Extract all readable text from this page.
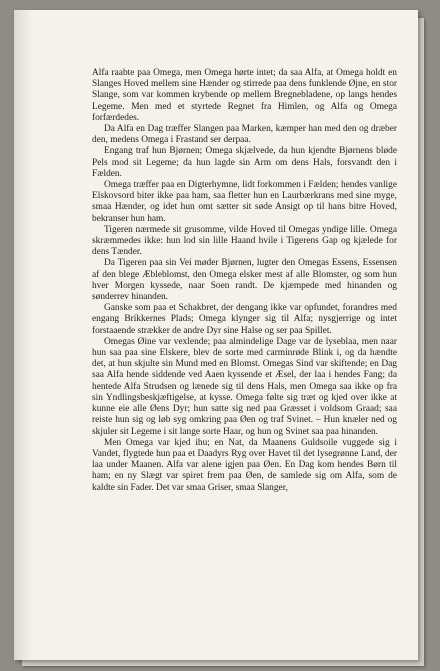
Alfa raabte paa Omega, men Omega hørte intet; da saa Alfa, at Omega holdt en Slanges Hoved mellem sine Hænder og stirrede paa dens funklende Øjne, en stor Slange, som var kommen krybende op mellem Bregnebladene, op langs hendes Legeme. Men med et styrtede Regnet fra Himlen, og Alfa og Omega forfærdedes.

Da Alfa en Dag træffer Slangen paa Marken, kæmper han med den og dræber den, medens Omega i Frastand ser derpaa.

Engang traf hun Bjørnen; Omega skjælvede, da hun kjendte Bjørnens bløde Pels mod sit Legeme; da hun lagde sin Arm om dens Hals, forsvandt den i Fælden.

Omega træffer paa en Digterhymne, lidt forkommen i Fælden; hendes vanlige Elskovsord biter ikke paa ham, saa fletter hun en Laurbærkrans med sine myge, smaa Hænder, og idet hun omt sætter sit søde Ansigt op til hans bitre Hoved, bekranser hun ham.

Tigeren nærmede sit grusomme, vilde Hoved til Omegas yndige lille. Omega skræmmedes ikke: hun lod sin lille Haand hvile i Tigerens Gap og kjælede for dens Tænder.

Da Tigeren paa sin Vei møder Bjørnen, lugter den Omegas Essens, Essensen af den blege Æbleblomst, den Omega elsker mest af alle Blomster, og som hun hver Morgen kyssede, naar Soen randt. De kjæmpede med hinanden og sønderrev hinanden.

Ganske som paa et Schakbret, der dengang ikke var opfundet, forandres med engang Brikkernes Plads; Omega klynger sig til Alfa; nysgjerrige og intet forstaaende strækker de andre Dyr sine Halse og ser paa Spillet.

Omegas Øine var vexlende; paa almindelige Dage var de lyseblaa, men naar hun saa paa sine Elskere, blev de sorte med carminrøde Blink i, og da hændte det, at hun skjulte sin Mund med en Blomst. Omegas Sind var skiftende; en Dag saa Alfa hende siddende ved Aaen kyssende et Æsel, der laa i hendes Fang; da hentede Alfa Strudsen og lænede sig til dens Hals, men Omega saa ikke op fra sin Yndlingsbeskjæftigelse, at kysse. Omega følte sig træt og kjed over ikke at kunne eie alle Øens Dyr; hun satte sig ned paa Græsset i voldsom Graad; saa reiste hun sig og løb syg omkring paa Øen og traf Svinet. – Hun knæler ned og skjuler sit Legeme i sit lange sorte Haar, og hun og Svinet saa paa hinanden.

Men Omega var kjed ihu; en Nat, da Maanens Guldsoile vuggede sig i Vandet, flygtede hun paa et Daadyrs Ryg over Havet til det lysegrønne Land, der laa under Maanen. Alfa var alene igjen paa Øen. En Dag kom hendes Børn til ham; en ny Slægt var spiret frem paa Øen, de samlede sig om Alfa, som de kaldte sin Fader. Det var smaa Griser, smaa Slanger,
